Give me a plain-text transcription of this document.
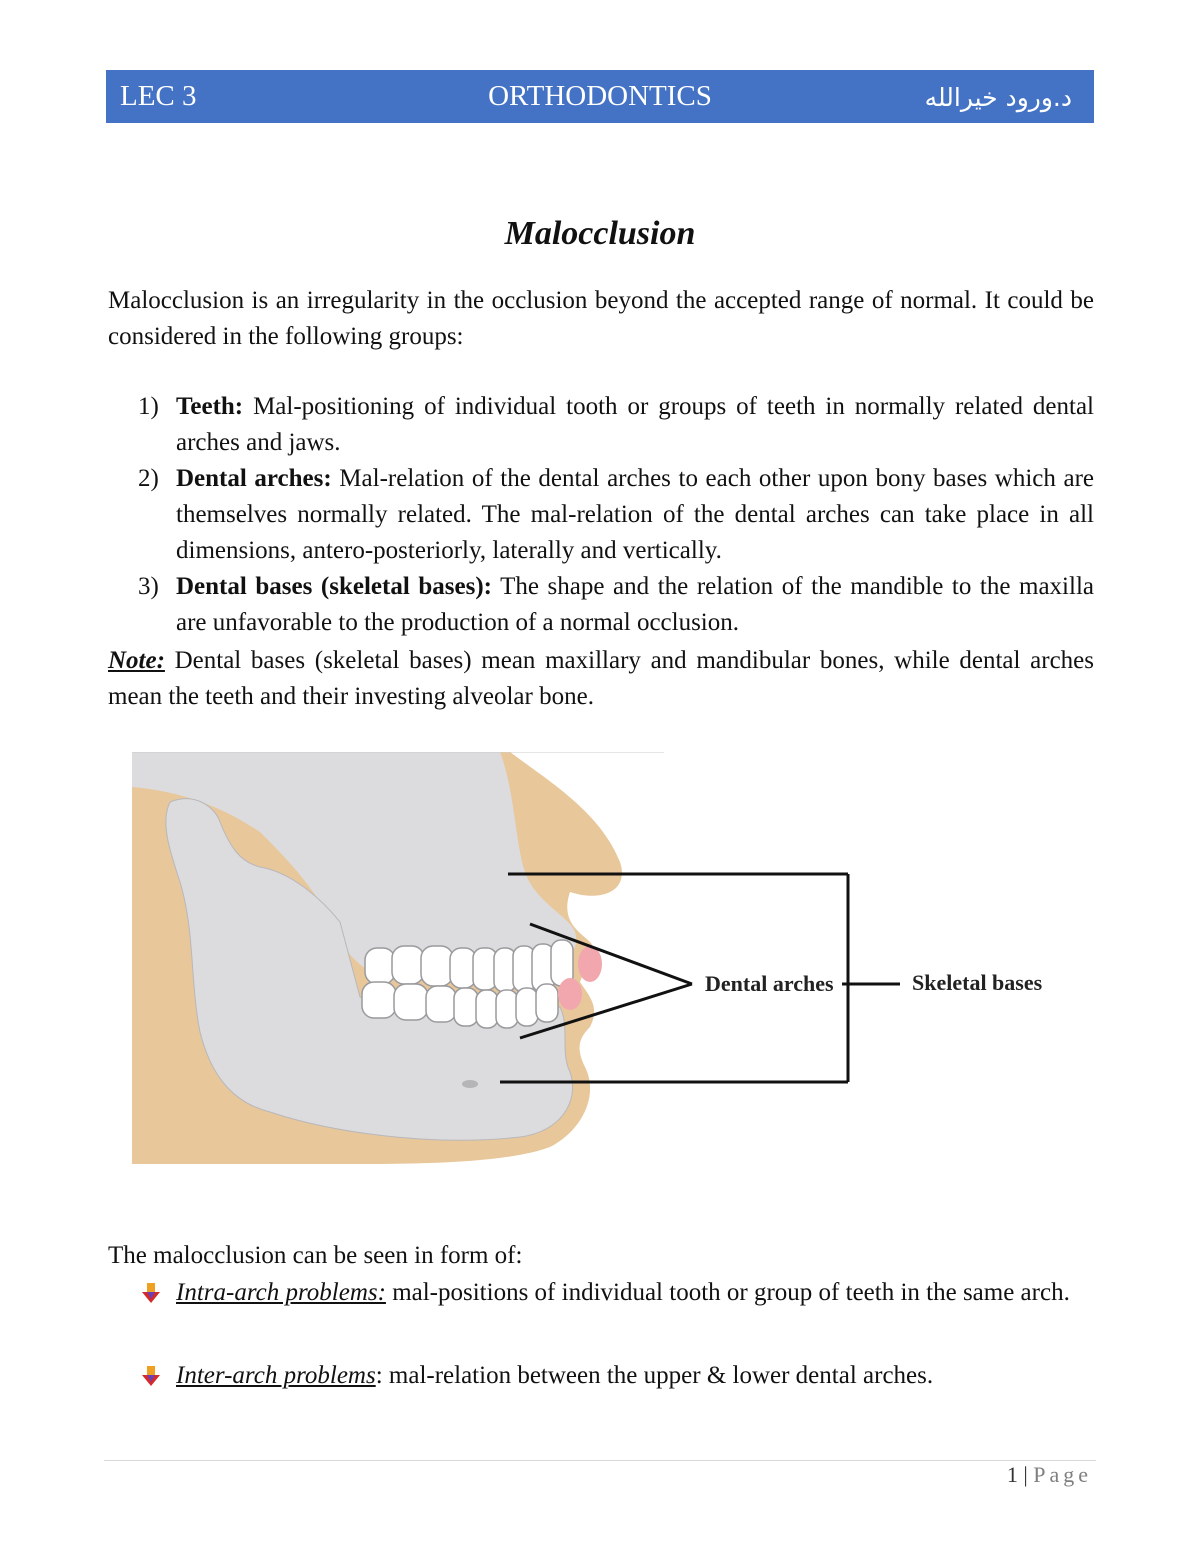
LEC 3	ORTHODONTICS	د.ورود خيرالله
Malocclusion
Malocclusion is an irregularity in the occlusion beyond the accepted range of normal. It could be considered in the following groups:
1) Teeth: Mal-positioning of individual tooth or groups of teeth in normally related dental arches and jaws.
2) Dental arches: Mal-relation of the dental arches to each other upon bony bases which are themselves normally related. The mal-relation of the dental arches can take place in all dimensions, antero-posteriorly, laterally and vertically.
3) Dental bases (skeletal bases): The shape and the relation of the mandible to the maxilla are unfavorable to the production of a normal occlusion.
Note: Dental bases (skeletal bases) mean maxillary and mandibular bones, while dental arches mean the teeth and their investing alveolar bone.
Dental arches	Skeletal bases
The malocclusion can be seen in form of:
Intra-arch problems: mal-positions of individual tooth or group of teeth in the same arch.
Inter-arch problems: mal-relation between the upper & lower dental arches.
1 | Page
